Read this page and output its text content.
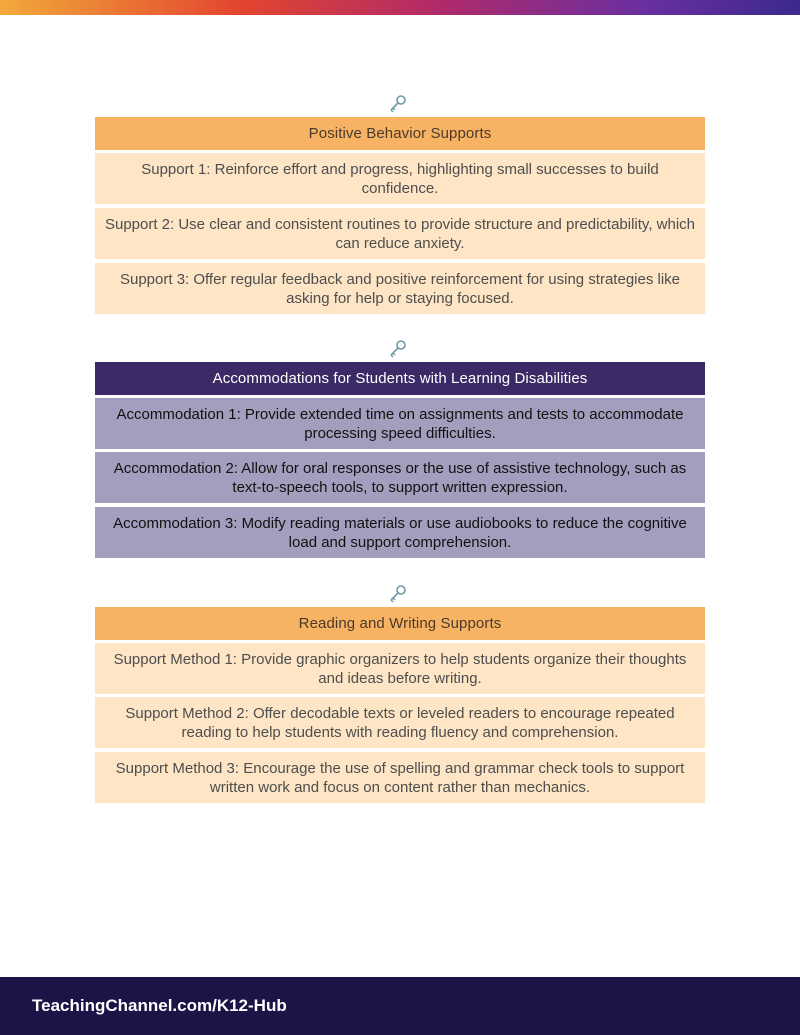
Positive Behavior Supports
Support 1: Reinforce effort and progress, highlighting small successes to build confidence.
Support 2: Use clear and consistent routines to provide structure and predictability, which can reduce anxiety.
Support 3: Offer regular feedback and positive reinforcement for using strategies like asking for help or staying focused.
Accommodations for Students with Learning Disabilities
Accommodation 1: Provide extended time on assignments and tests to accommodate processing speed difficulties.
Accommodation 2: Allow for oral responses or the use of assistive technology, such as text-to-speech tools, to support written expression.
Accommodation 3: Modify reading materials or use audiobooks to reduce the cognitive load and support comprehension.
Reading and Writing Supports
Support Method 1: Provide graphic organizers to help students organize their thoughts and ideas before writing.
Support Method 2: Offer decodable texts or leveled readers to encourage repeated reading to help students with reading fluency and comprehension.
Support Method 3: Encourage the use of spelling and grammar check tools to support written work and focus on content rather than mechanics.
TeachingChannel.com/K12-Hub
